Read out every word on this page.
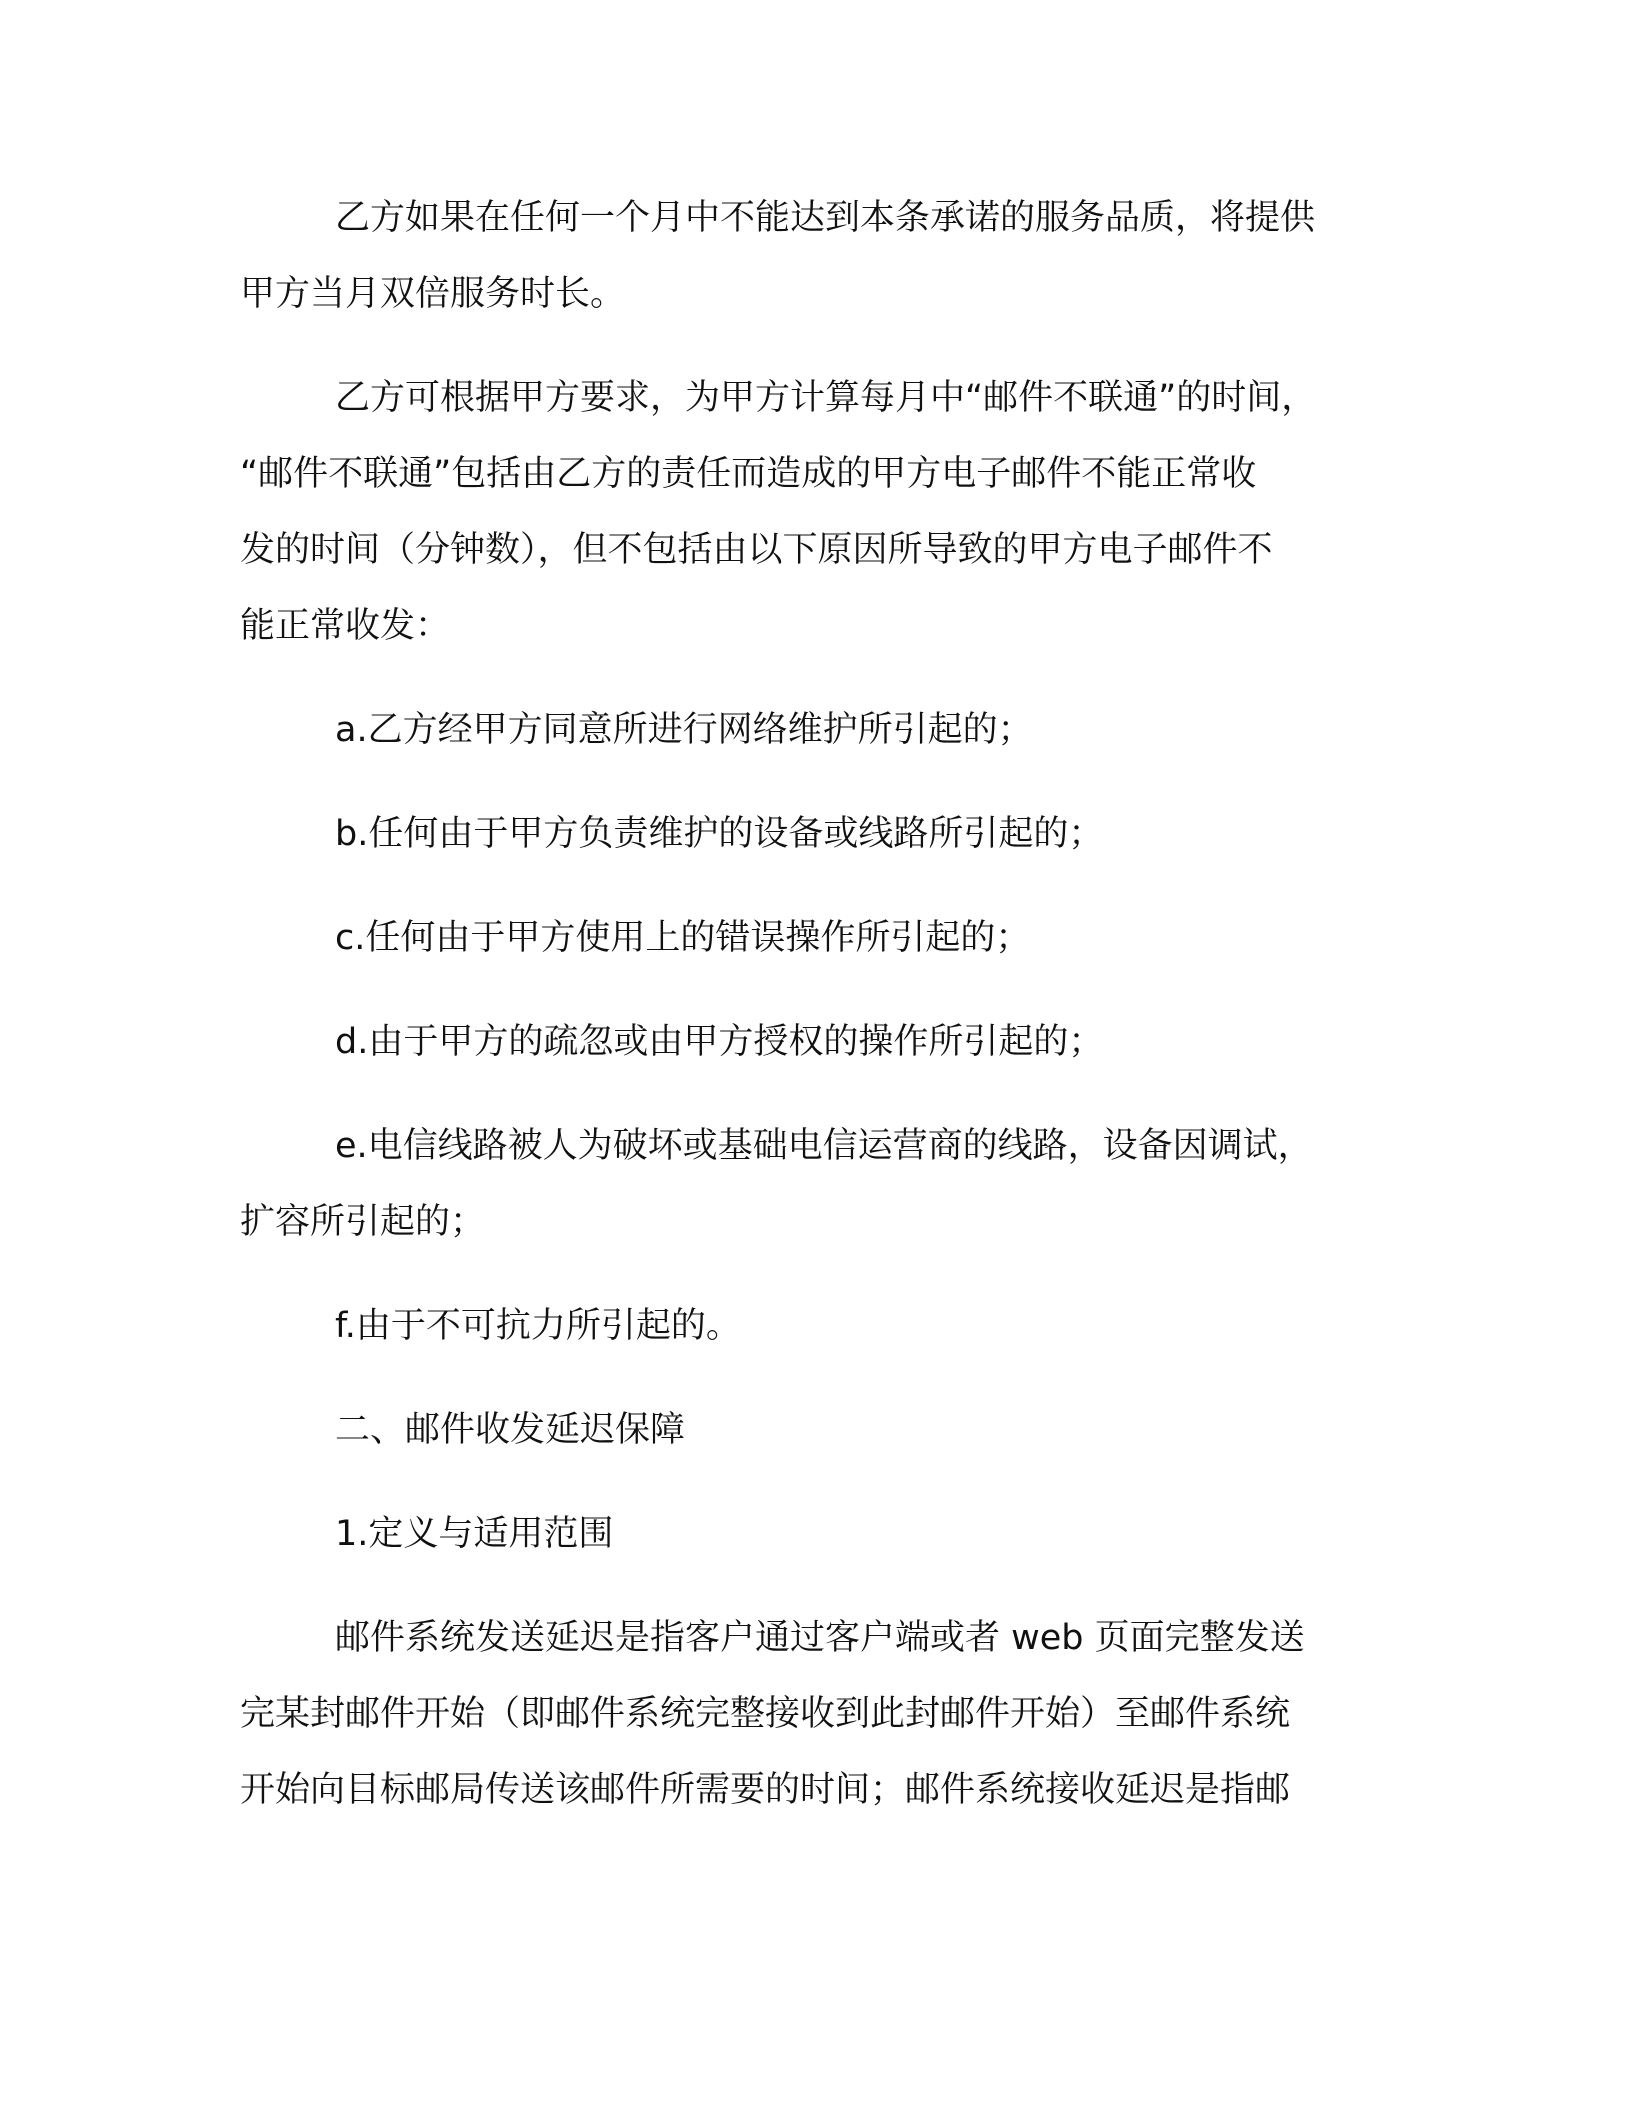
乙方如果在任何一个月中不能达到本条承诺的服务品质，将提供
甲方当月双倍服务时长。
乙方可根据甲方要求，为甲方计算每月中“邮件不联通”的时间，
“邮件不联通”包括由乙方的责任而造成的甲方电子邮件不能正常收
发的时间（分钟数），但不包括由以下原因所导致的甲方电子邮件不
能正常收发：
a.乙方经甲方同意所进行网络维护所引起的；
b.任何由于甲方负责维护的设备或线路所引起的；
c.任何由于甲方使用上的错误操作所引起的；
d.由于甲方的疏忽或由甲方授权的操作所引起的；
e.电信线路被人为破坏或基础电信运营商的线路，设备因调试，
扩容所引起的；
f.由于不可抗力所引起的。
二、邮件收发延迟保障
1.定义与适用范围
邮件系统发送延迟是指客户通过客户端或者 web 页面完整发送
完某封邮件开始（即邮件系统完整接收到此封邮件开始）至邮件系统
开始向目标邮局传送该邮件所需要的时间；邮件系统接收延迟是指邮
